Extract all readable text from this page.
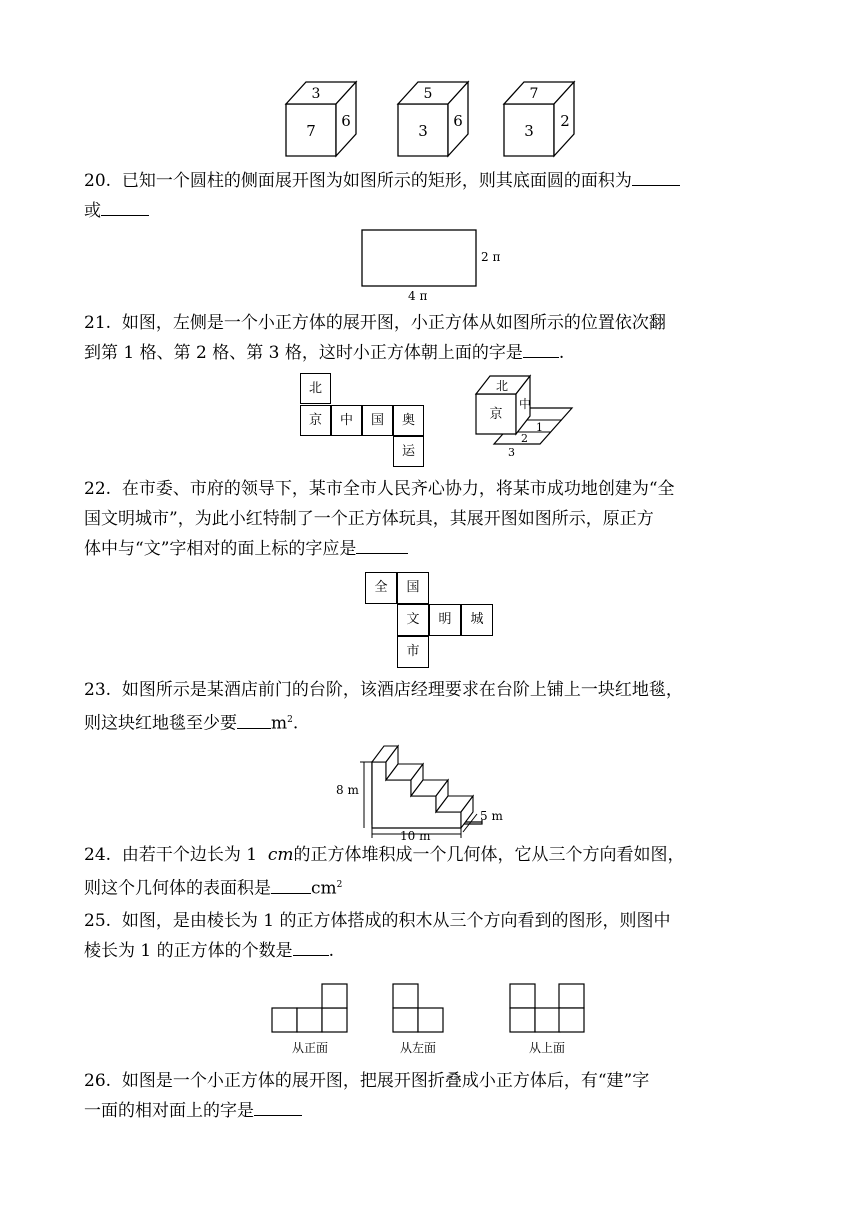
3
7
6
5
3
6
7
3
2

20. 已知一个圆柱的侧面展开图为如图所示的矩形，则其底面圆的面积为

或

2 π
4 π

21. 如图，左侧是一个小正方体的展开图，小正方体从如图所示的位置依次翻

到第 1 格、第 2 格、第 3 格，这时小正方体朝上面的字是 .

北
京	中	国	奥
运
北
京
中
1
2
3

22. 在市委、市府的领导下，某市全市人民齐心协力，将某市成功地创建为“全

国文明城市”，为此小红特制了一个正方体玩具，其展开图如图所示，原正方

体中与“文”字相对的面上标的字应是

全	国
文	明	城
市

23. 如图所示是某酒店前门的台阶，该酒店经理要求在台阶上铺上一块红地毯，

则这块红地毯至少要 $m^2$.

8 m
10 m
5 m

24. 由若干个边长为 1  cm的正方体堆积成一个几何体，它从三个方向看如图，

则这个几何体的表面积是 $cm^2$

25. 如图，是由棱长为 1 的正方体搭成的积木从三个方向看到的图形，则图中

棱长为 1 的正方体的个数是 .

从正面	从左面	从上面

26. 如图是一个小正方体的展开图，把展开图折叠成小正方体后，有“建”字

一面的相对面上的字是
